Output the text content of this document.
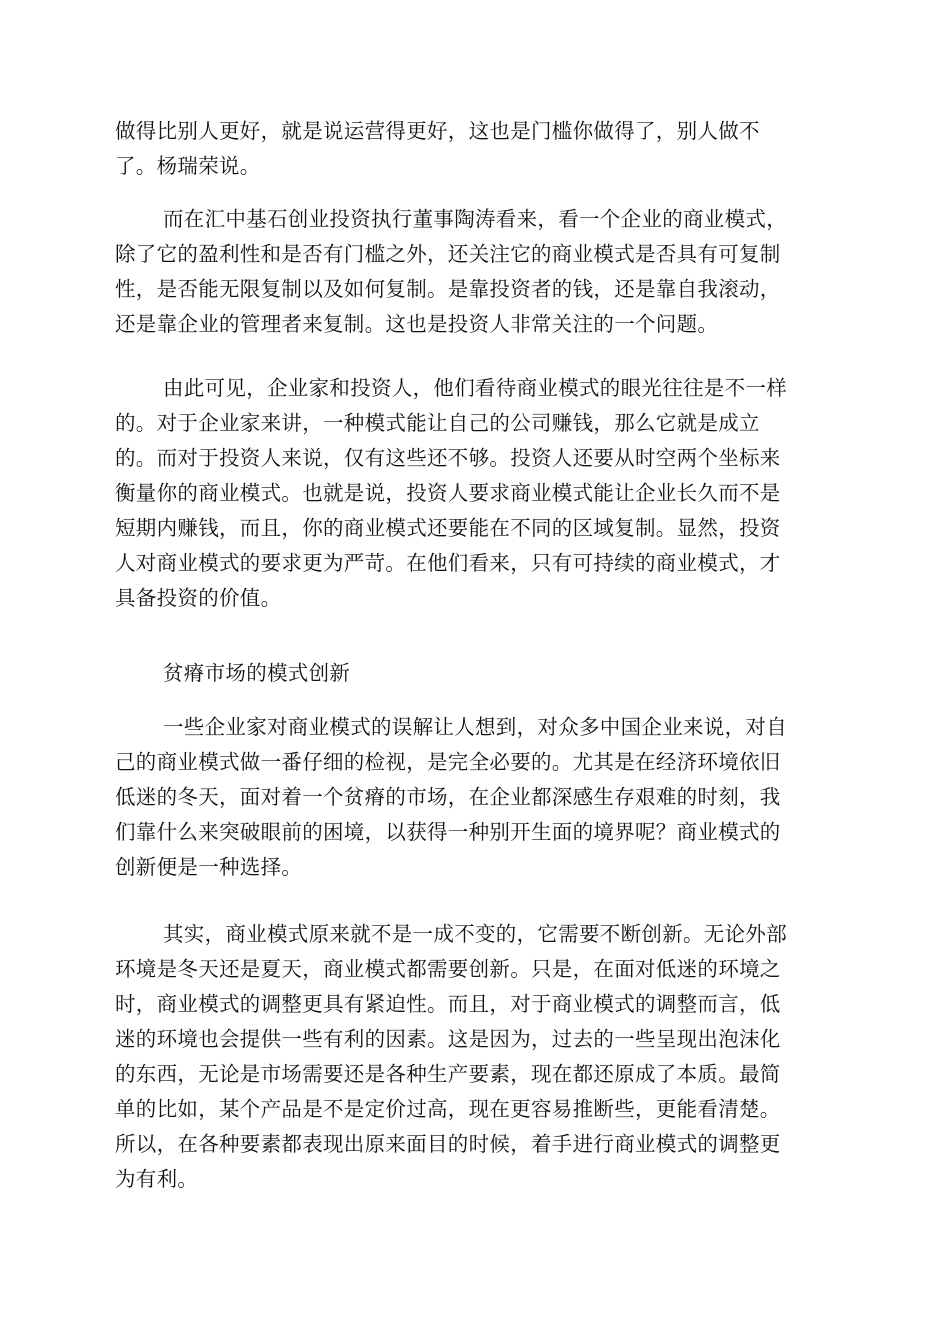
做得比别人更好，就是说运营得更好，这也是门槛你做得了，别人做不
了。杨瑞荣说。
而在汇中基石创业投资执行董事陶涛看来，看一个企业的商业模式，
除了它的盈利性和是否有门槛之外，还关注它的商业模式是否具有可复制
性，是否能无限复制以及如何复制。是靠投资者的钱，还是靠自我滚动，
还是靠企业的管理者来复制。这也是投资人非常关注的一个问题。
由此可见，企业家和投资人，他们看待商业模式的眼光往往是不一样
的。对于企业家来讲，一种模式能让自己的公司赚钱，那么它就是成立
的。而对于投资人来说，仅有这些还不够。投资人还要从时空两个坐标来
衡量你的商业模式。也就是说，投资人要求商业模式能让企业长久而不是
短期内赚钱，而且，你的商业模式还要能在不同的区域复制。显然，投资
人对商业模式的要求更为严苛。在他们看来，只有可持续的商业模式，才
具备投资的价值。
贫瘠市场的模式创新
一些企业家对商业模式的误解让人想到，对众多中国企业来说，对自
己的商业模式做一番仔细的检视，是完全必要的。尤其是在经济环境依旧
低迷的冬天，面对着一个贫瘠的市场，在企业都深感生存艰难的时刻，我
们靠什么来突破眼前的困境，以获得一种别开生面的境界呢？商业模式的
创新便是一种选择。
其实，商业模式原来就不是一成不变的，它需要不断创新。无论外部
环境是冬天还是夏天，商业模式都需要创新。只是，在面对低迷的环境之
时，商业模式的调整更具有紧迫性。而且，对于商业模式的调整而言，低
迷的环境也会提供一些有利的因素。这是因为，过去的一些呈现出泡沫化
的东西，无论是市场需要还是各种生产要素，现在都还原成了本质。最简
单的比如，某个产品是不是定价过高，现在更容易推断些，更能看清楚。
所以，在各种要素都表现出原来面目的时候，着手进行商业模式的调整更
为有利。
